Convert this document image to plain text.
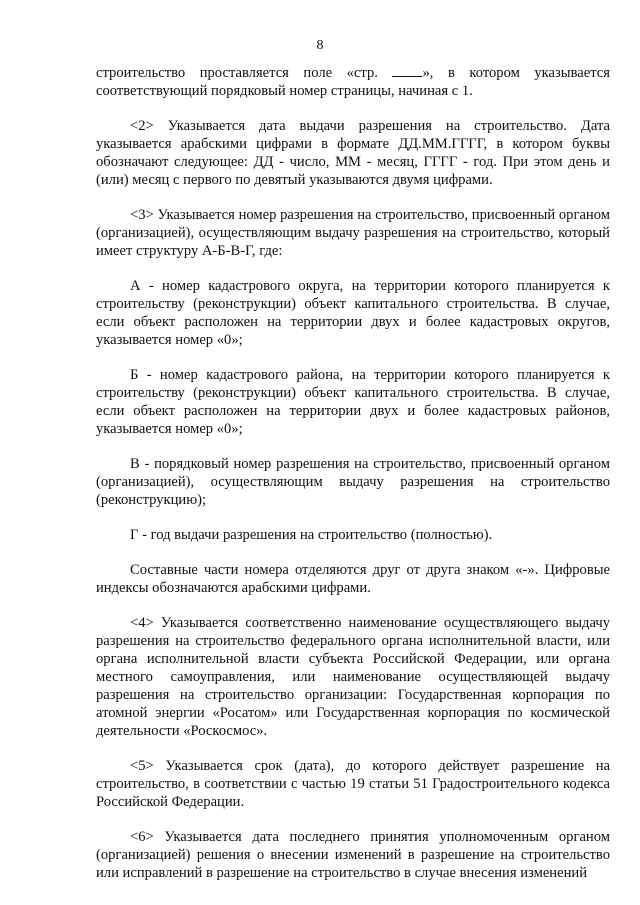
8

строительство проставляется поле «стр.	», в котором указывается соответствующий порядковый номер страницы, начиная с 1.

<2> Указывается дата выдачи разрешения на строительство. Дата указывается арабскими цифрами в формате ДД.ММ.ГГГГ, в котором буквы обозначают следующее: ДД - число, ММ - месяц, ГГГГ - год. При этом день и (или) месяц с первого по девятый указываются двумя цифрами.

<3> Указывается номер разрешения на строительство, присвоенный органом (организацией), осуществляющим выдачу разрешения на строительство, который имеет структуру А-Б-В-Г, где:

А - номер кадастрового округа, на территории которого планируется к строительству (реконструкции) объект капитального строительства. В случае, если объект расположен на территории двух и более кадастровых округов, указывается номер «0»;

Б - номер кадастрового района, на территории которого планируется к строительству (реконструкции) объект капитального строительства. В случае, если объект расположен на территории двух и более кадастровых районов, указывается номер «0»;

В - порядковый номер разрешения на строительство, присвоенный органом (организацией), осуществляющим выдачу разрешения на строительство (реконструкцию);

Г - год выдачи разрешения на строительство (полностью).

Составные части номера отделяются друг от друга знаком «-». Цифровые индексы обозначаются арабскими цифрами.

<4> Указывается соответственно наименование осуществляющего выдачу разрешения на строительство федерального органа исполнительной власти, или органа исполнительной власти субъекта Российской Федерации, или органа местного самоуправления, или наименование осуществляющей выдачу разрешения на строительство организации: Государственная корпорация по атомной энергии «Росатом» или Государственная корпорация по космической деятельности «Роскосмос».

<5> Указывается срок (дата), до которого действует разрешение на строительство, в соответствии с частью 19 статьи 51 Градостроительного кодекса Российской Федерации.

<6> Указывается дата последнего принятия уполномоченным органом (организацией) решения о внесении изменений в разрешение на строительство или исправлений в разрешение на строительство в случае внесения изменений
